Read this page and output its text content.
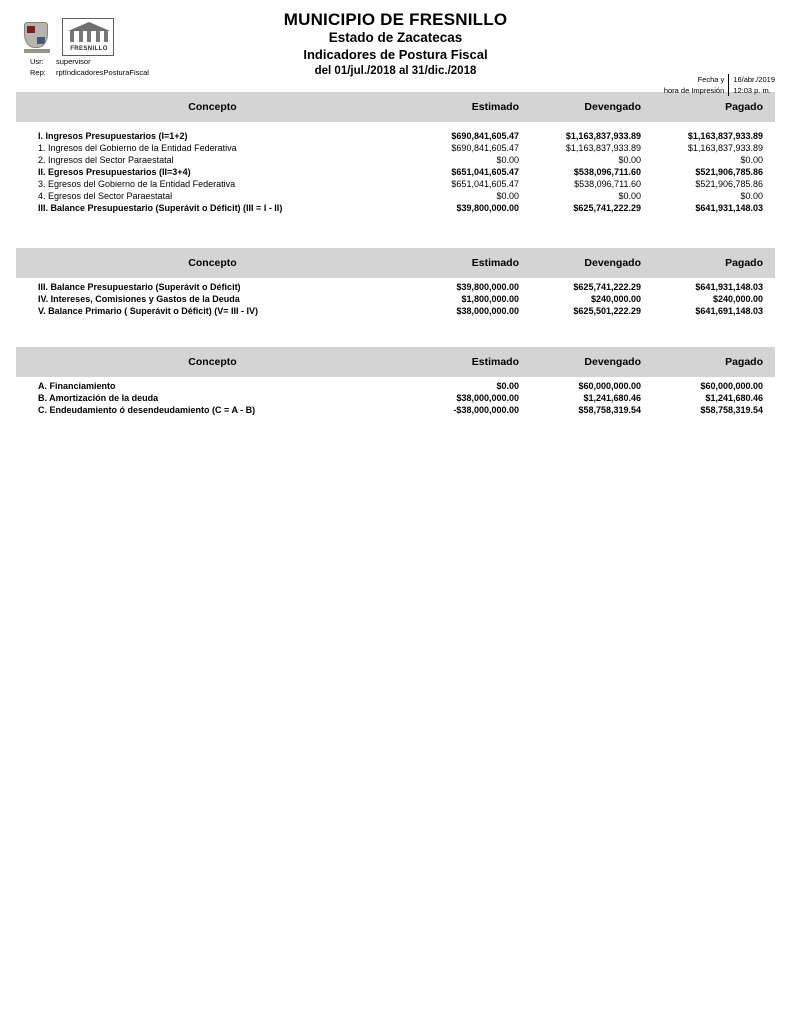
FRESNILLO
MUNICIPIO DE FRESNILLO
Estado de Zacatecas
Indicadores de Postura Fiscal
del 01/jul./2018 al 31/dic./2018
Usr: supervisor
Rep: rptIndicadoresPosturaFiscal
Fecha y	16/abr./2019
hora de Impresión	12:03 p. m.
Concepto	Estimado	Devengado	Pagado

I. Ingresos Presupuestarios (I=1+2)	$690,841,605.47	$1,163,837,933.89	$1,163,837,933.89
1. Ingresos del Gobierno de la Entidad Federativa	$690,841,605.47	$1,163,837,933.89	$1,163,837,933.89
2. Ingresos del Sector Paraestatal	$0.00	$0.00	$0.00
II. Egresos Presupuestarios (II=3+4)	$651,041,605.47	$538,096,711.60	$521,906,785.86
3. Egresos del Gobierno de la Entidad Federativa	$651,041,605.47	$538,096,711.60	$521,906,785.86
4. Egresos del Sector Paraestatal	$0.00	$0.00	$0.00
III. Balance Presupuestario (Superávit o Déficit) (III = I - II)	$39,800,000.00	$625,741,222.29	$641,931,148.03
Concepto	Estimado	Devengado	Pagado
III. Balance Presupuestario (Superávit o Déficit)	$39,800,000.00	$625,741,222.29	$641,931,148.03
IV. Intereses, Comisiones y Gastos de la Deuda	$1,800,000.00	$240,000.00	$240,000.00
V. Balance Primario ( Superávit o Déficit) (V= III - IV)	$38,000,000.00	$625,501,222.29	$641,691,148.03
Concepto	Estimado	Devengado	Pagado
A. Financiamiento	$0.00	$60,000,000.00	$60,000,000.00
B. Amortización de la deuda	$38,000,000.00	$1,241,680.46	$1,241,680.46
C. Endeudamiento ó desendeudamiento (C = A - B)	-$38,000,000.00	$58,758,319.54	$58,758,319.54
